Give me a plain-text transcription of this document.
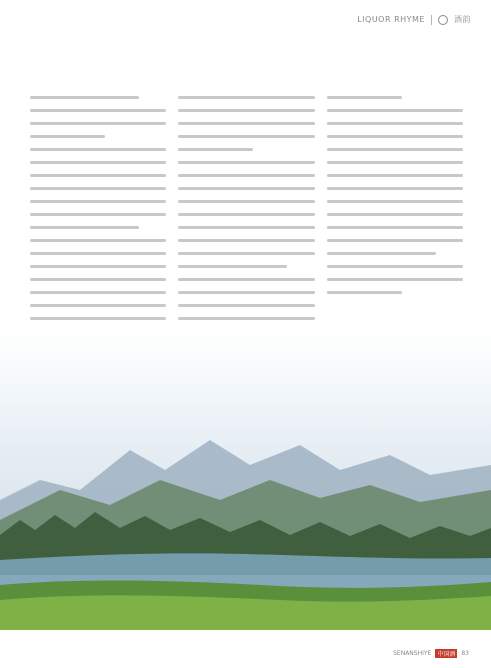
LIQUOR RHYME	酒韵
SENANSHIYE	中国酒	83
